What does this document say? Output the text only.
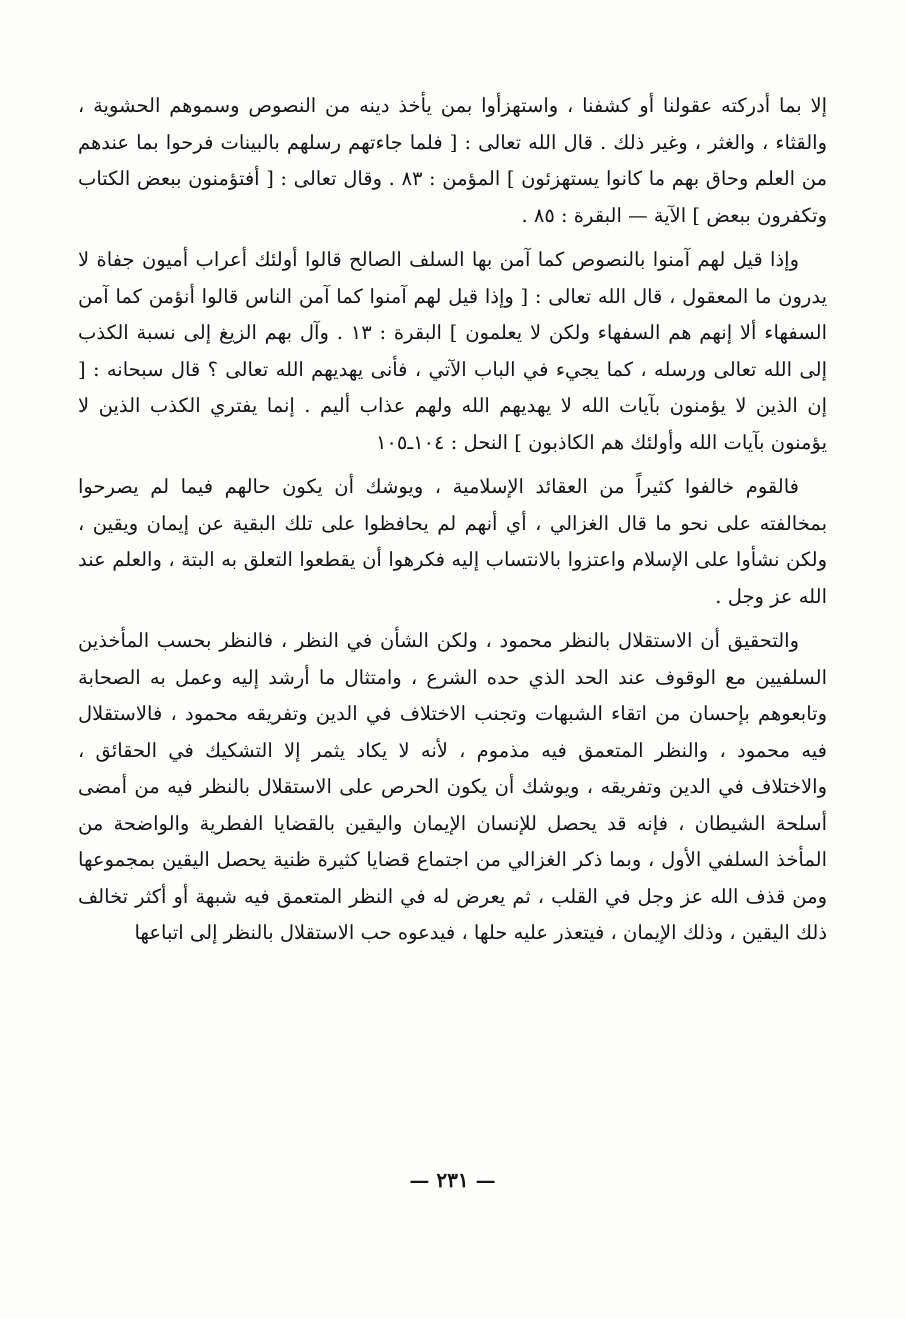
إلا بما أدركته عقولنا أو كشفنا ، واستهزأوا بمن يأخذ دينه من النصوص وسموهم الحشوية ، والقثاء ، والغثر ، وغير ذلك . قال الله تعالى : [ فلما جاءتهم رسلهم بالبينات فرحوا بما عندهم من العلم وحاق بهم ما كانوا يستهزئون ] المؤمن : ٨٣ . وقال تعالى : [ أفتؤمنون ببعض الكتاب وتكفرون ببعض ] الآية — البقرة : ٨٥ .

وإذا قيل لهم آمنوا بالنصوص كما آمن بها السلف الصالح قالوا أولئك أعراب أميون جفاة لا يدرون ما المعقول ، قال الله تعالى : [ وإذا قيل لهم آمنوا كما آمن الناس قالوا أنؤمن كما آمن السفهاء ألا إنهم هم السفهاء ولكن لا يعلمون ] البقرة : ١٣ . وآل بهم الزيغ إلى نسبة الكذب إلى الله تعالى ورسله ، كما يجيء في الباب الآتي ، فأنى يهديهم الله تعالى ؟ قال سبحانه : [ إن الذين لا يؤمنون بآيات الله لا يهديهم الله ولهم عذاب أليم . إنما يفتري الكذب الذين لا يؤمنون بآيات الله وأولئك هم الكاذبون ] النحل : ١٠٤ـ١٠٥

فالقوم خالفوا كثيراً من العقائد الإسلامية ، ويوشك أن يكون حالهم فيما لم يصرحوا بمخالفته على نحو ما قال الغزالي ، أي أنهم لم يحافظوا على تلك البقية عن إيمان ويقين ، ولكن نشأوا على الإسلام واعتزوا بالانتساب إليه فكرهوا أن يقطعوا التعلق به البتة ، والعلم عند الله عز وجل .

والتحقيق أن الاستقلال بالنظر محمود ، ولكن الشأن في النظر ، فالنظر بحسب المأخذين السلفيين مع الوقوف عند الحد الذي حده الشرع ، وامتثال ما أرشد إليه وعمل به الصحابة وتابعوهم بإحسان من اتقاء الشبهات وتجنب الاختلاف في الدين وتفريقه محمود ، فالاستقلال فيه محمود ، والنظر المتعمق فيه مذموم ، لأنه لا يكاد يثمر إلا التشكيك في الحقائق ، والاختلاف في الدين وتفريقه ، ويوشك أن يكون الحرص على الاستقلال بالنظر فيه من أمضى أسلحة الشيطان ، فإنه قد يحصل للإنسان الإيمان واليقين بالقضايا الفطرية والواضحة من المأخذ السلفي الأول ، وبما ذكر الغزالي من اجتماع قضايا كثيرة ظنية يحصل اليقين بمجموعها ومن قذف الله عز وجل في القلب ، ثم يعرض له في النظر المتعمق فيه شبهة أو أكثر تخالف ذلك اليقين ، وذلك الإيمان ، فيتعذر عليه حلها ، فيدعوه حب الاستقلال بالنظر إلى اتباعها

— ٢٣١ —
